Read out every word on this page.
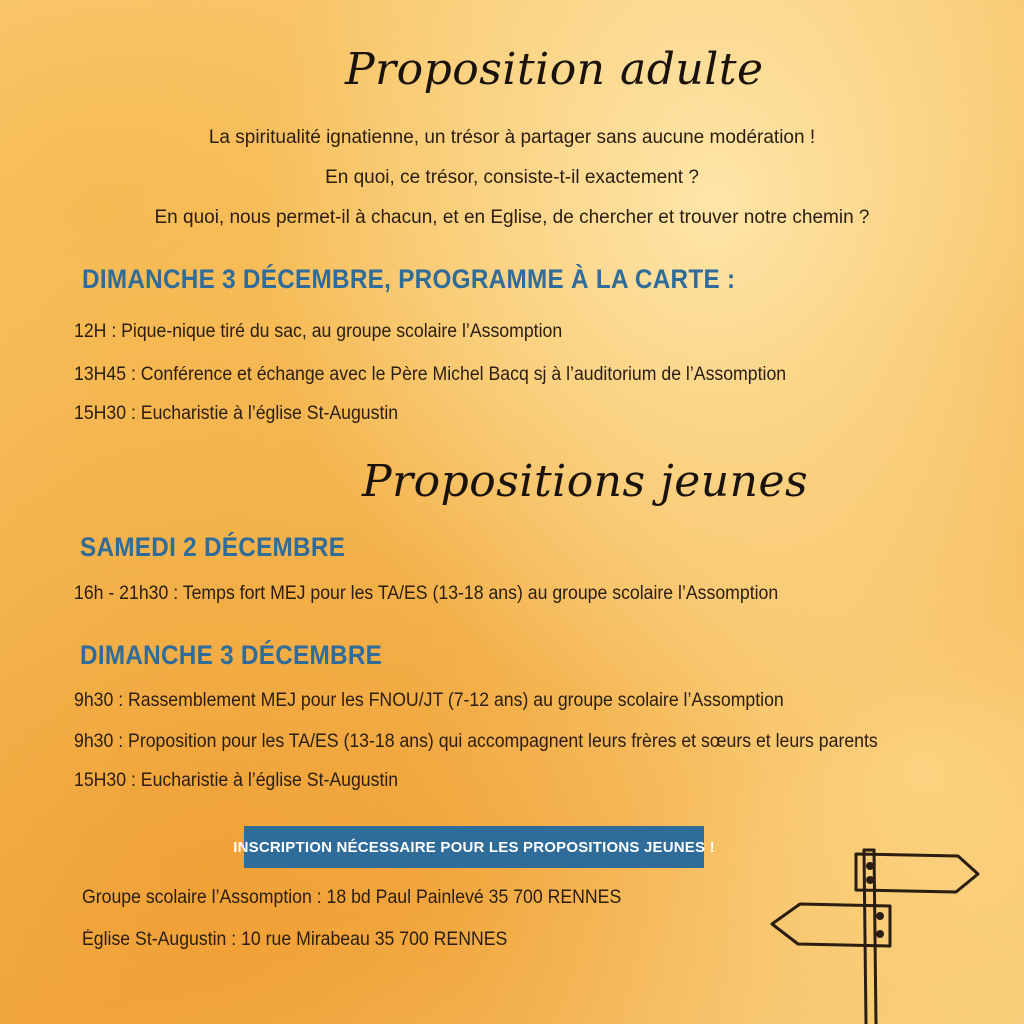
Proposition adulte
La spiritualité ignatienne, un trésor à partager sans aucune modération !
En quoi, ce trésor, consiste-t-il exactement ?
En quoi, nous permet-il à chacun, et en Eglise, de chercher et trouver notre chemin ?
DIMANCHE 3 DÉCEMBRE, PROGRAMME À LA CARTE :
12H : Pique-nique tiré du sac, au groupe scolaire l’Assomption
13H45 : Conférence et échange avec le Père Michel Bacq sj à l’auditorium de l’Assomption
15H30 : Eucharistie à l’église St-Augustin
Propositions jeunes
SAMEDI 2 DÉCEMBRE
16h - 21h30 : Temps fort MEJ pour les TA/ES (13-18 ans) au groupe scolaire l’Assomption
DIMANCHE 3 DÉCEMBRE
9h30 : Rassemblement MEJ pour les FNOU/JT (7-12 ans) au groupe scolaire l’Assomption
9h30 : Proposition pour les TA/ES (13-18 ans) qui accompagnent leurs frères et sœurs et leurs parents
15H30 : Eucharistie à l’église St-Augustin
INSCRIPTION NÉCESSAIRE POUR LES PROPOSITIONS JEUNES !
Groupe scolaire l’Assomption : 18 bd Paul Painlevé 35 700 RENNES
Église St-Augustin : 10 rue Mirabeau 35 700 RENNES
